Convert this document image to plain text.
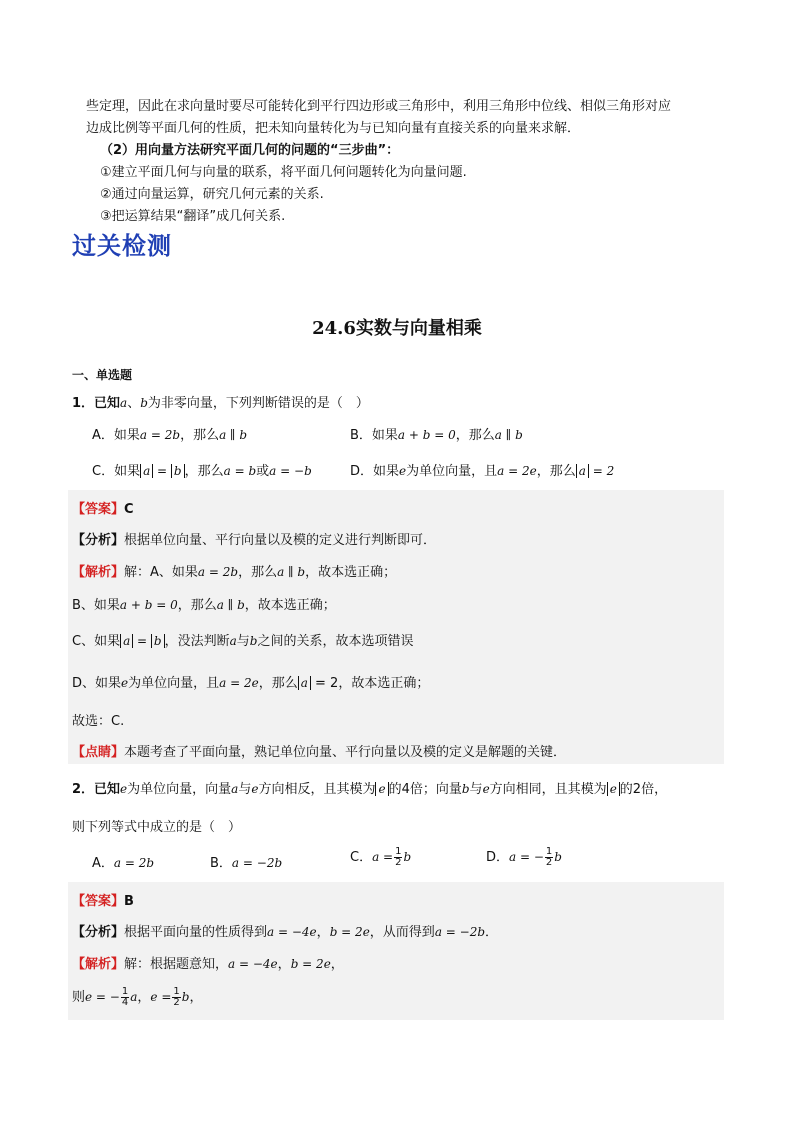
些定理，因此在求向量时要尽可能转化到平行四边形或三角形中，利用三角形中位线、相似三角形对应

边成比例等平面几何的性质，把未知向量转化为与已知向量有直接关系的向量来求解．

（2）用向量方法研究平面几何的问题的“三步曲”：

①建立平面几何与向量的联系，将平面几何问题转化为向量问题.

②通过向量运算，研究几何元素的关系.

③把运算结果“翻译”成几何关系.

过关检测
24.6实数与向量相乘
一、单选题
1．已知a、b为非零向量，下列判断错误的是（　）
A．如果a = 2b，那么a ∥ b	B．如果a + b = 0，那么a ∥ b
C．如果 a = b ，那么a = b或a = −b	D．如果e为单位向量，且a = 2e，那么 a = 2
【答案】C
【分析】根据单位向量、平行向量以及模的定义进行判断即可．
【解析】解：A、如果a = 2b，那么a ∥ b，故本选正确；
B、如果a + b = 0，那么a ∥ b，故本选正确；
C、如果 a = b ，没法判断a与b之间的关系，故本选项错误
D、如果e为单位向量，且a = 2e，那么 a = 2，故本选正确；
故选：C.
【点睛】本题考查了平面向量，熟记单位向量、平行向量以及模的定义是解题的关键．
2．已知e为单位向量，向量a与e方向相反，且其模为 e 的4倍；向量b与e方向相同，且其模为 e 的2倍，
则下列等式中成立的是（　）
A．a = 2b	B．a = −2b	C．$a = \frac{1}{2}$ b	D．a = − $\frac{1}{2}$ b
【答案】B
【分析】根据平面向量的性质得到a = −4e，b = 2e，从而得到a = −2b．
【解析】解：根据题意知，a = −4e，b = 2e，
则e = − $\frac{1}{4}$ a，$e = \frac{1}{2}$ b，
